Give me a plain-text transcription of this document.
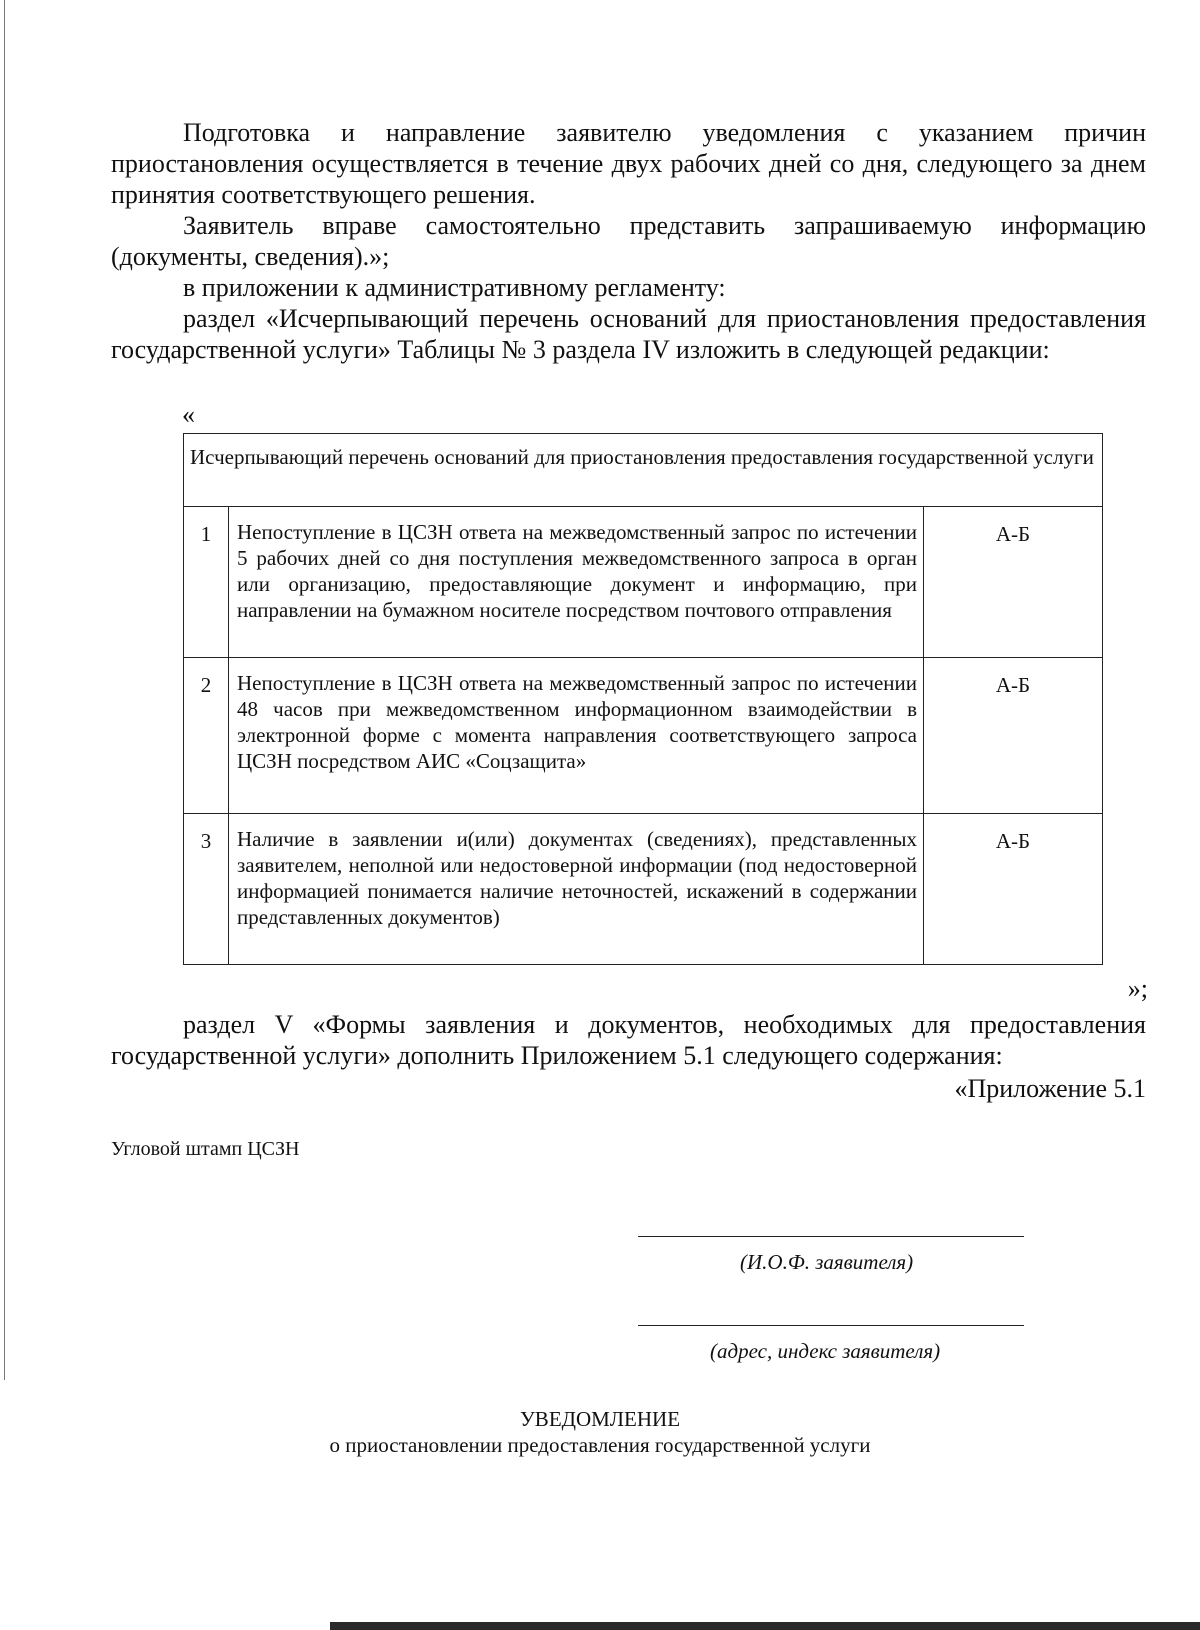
Подготовка и направление заявителю уведомления с указанием причин приостановления осуществляется в течение двух рабочих дней со дня, следующего за днем принятия соответствующего решения.
Заявитель вправе самостоятельно представить запрашиваемую информацию (документы, сведения).»;
в приложении к административному регламенту:
раздел «Исчерпывающий перечень оснований для приостановления предоставления государственной услуги» Таблицы № 3 раздела IV изложить в следующей редакции:
«
Исчерпывающий перечень оснований для приостановления предоставления государственной услуги		
1	Непоступление в ЦСЗН ответа на межведомственный запрос по истечении 5 рабочих дней со дня поступления межведомственного запроса в орган или организацию, предоставляющие документ и информацию, при направлении на бумажном носителе посредством почтового отправления	А-Б
2	Непоступление в ЦСЗН ответа на межведомственный запрос по истечении 48 часов при межведомственном информационном взаимодействии в электронной форме с момента направления соответствующего запроса ЦСЗН посредством АИС «Соцзащита»	А-Б
3	Наличие в заявлении и(или) документах (сведениях), представленных заявителем, неполной или недостоверной информации (под недостоверной информацией понимается наличие неточностей, искажений в содержании представленных документов)	А-Б
»;
раздел V «Формы заявления и документов, необходимых для предоставления государственной услуги» дополнить Приложением 5.1 следующего содержания:
«Приложение 5.1
Угловой штамп ЦСЗН
(И.О.Ф. заявителя)
(адрес, индекс заявителя)
УВЕДОМЛЕНИЕ
о приостановлении предоставления государственной услуги
